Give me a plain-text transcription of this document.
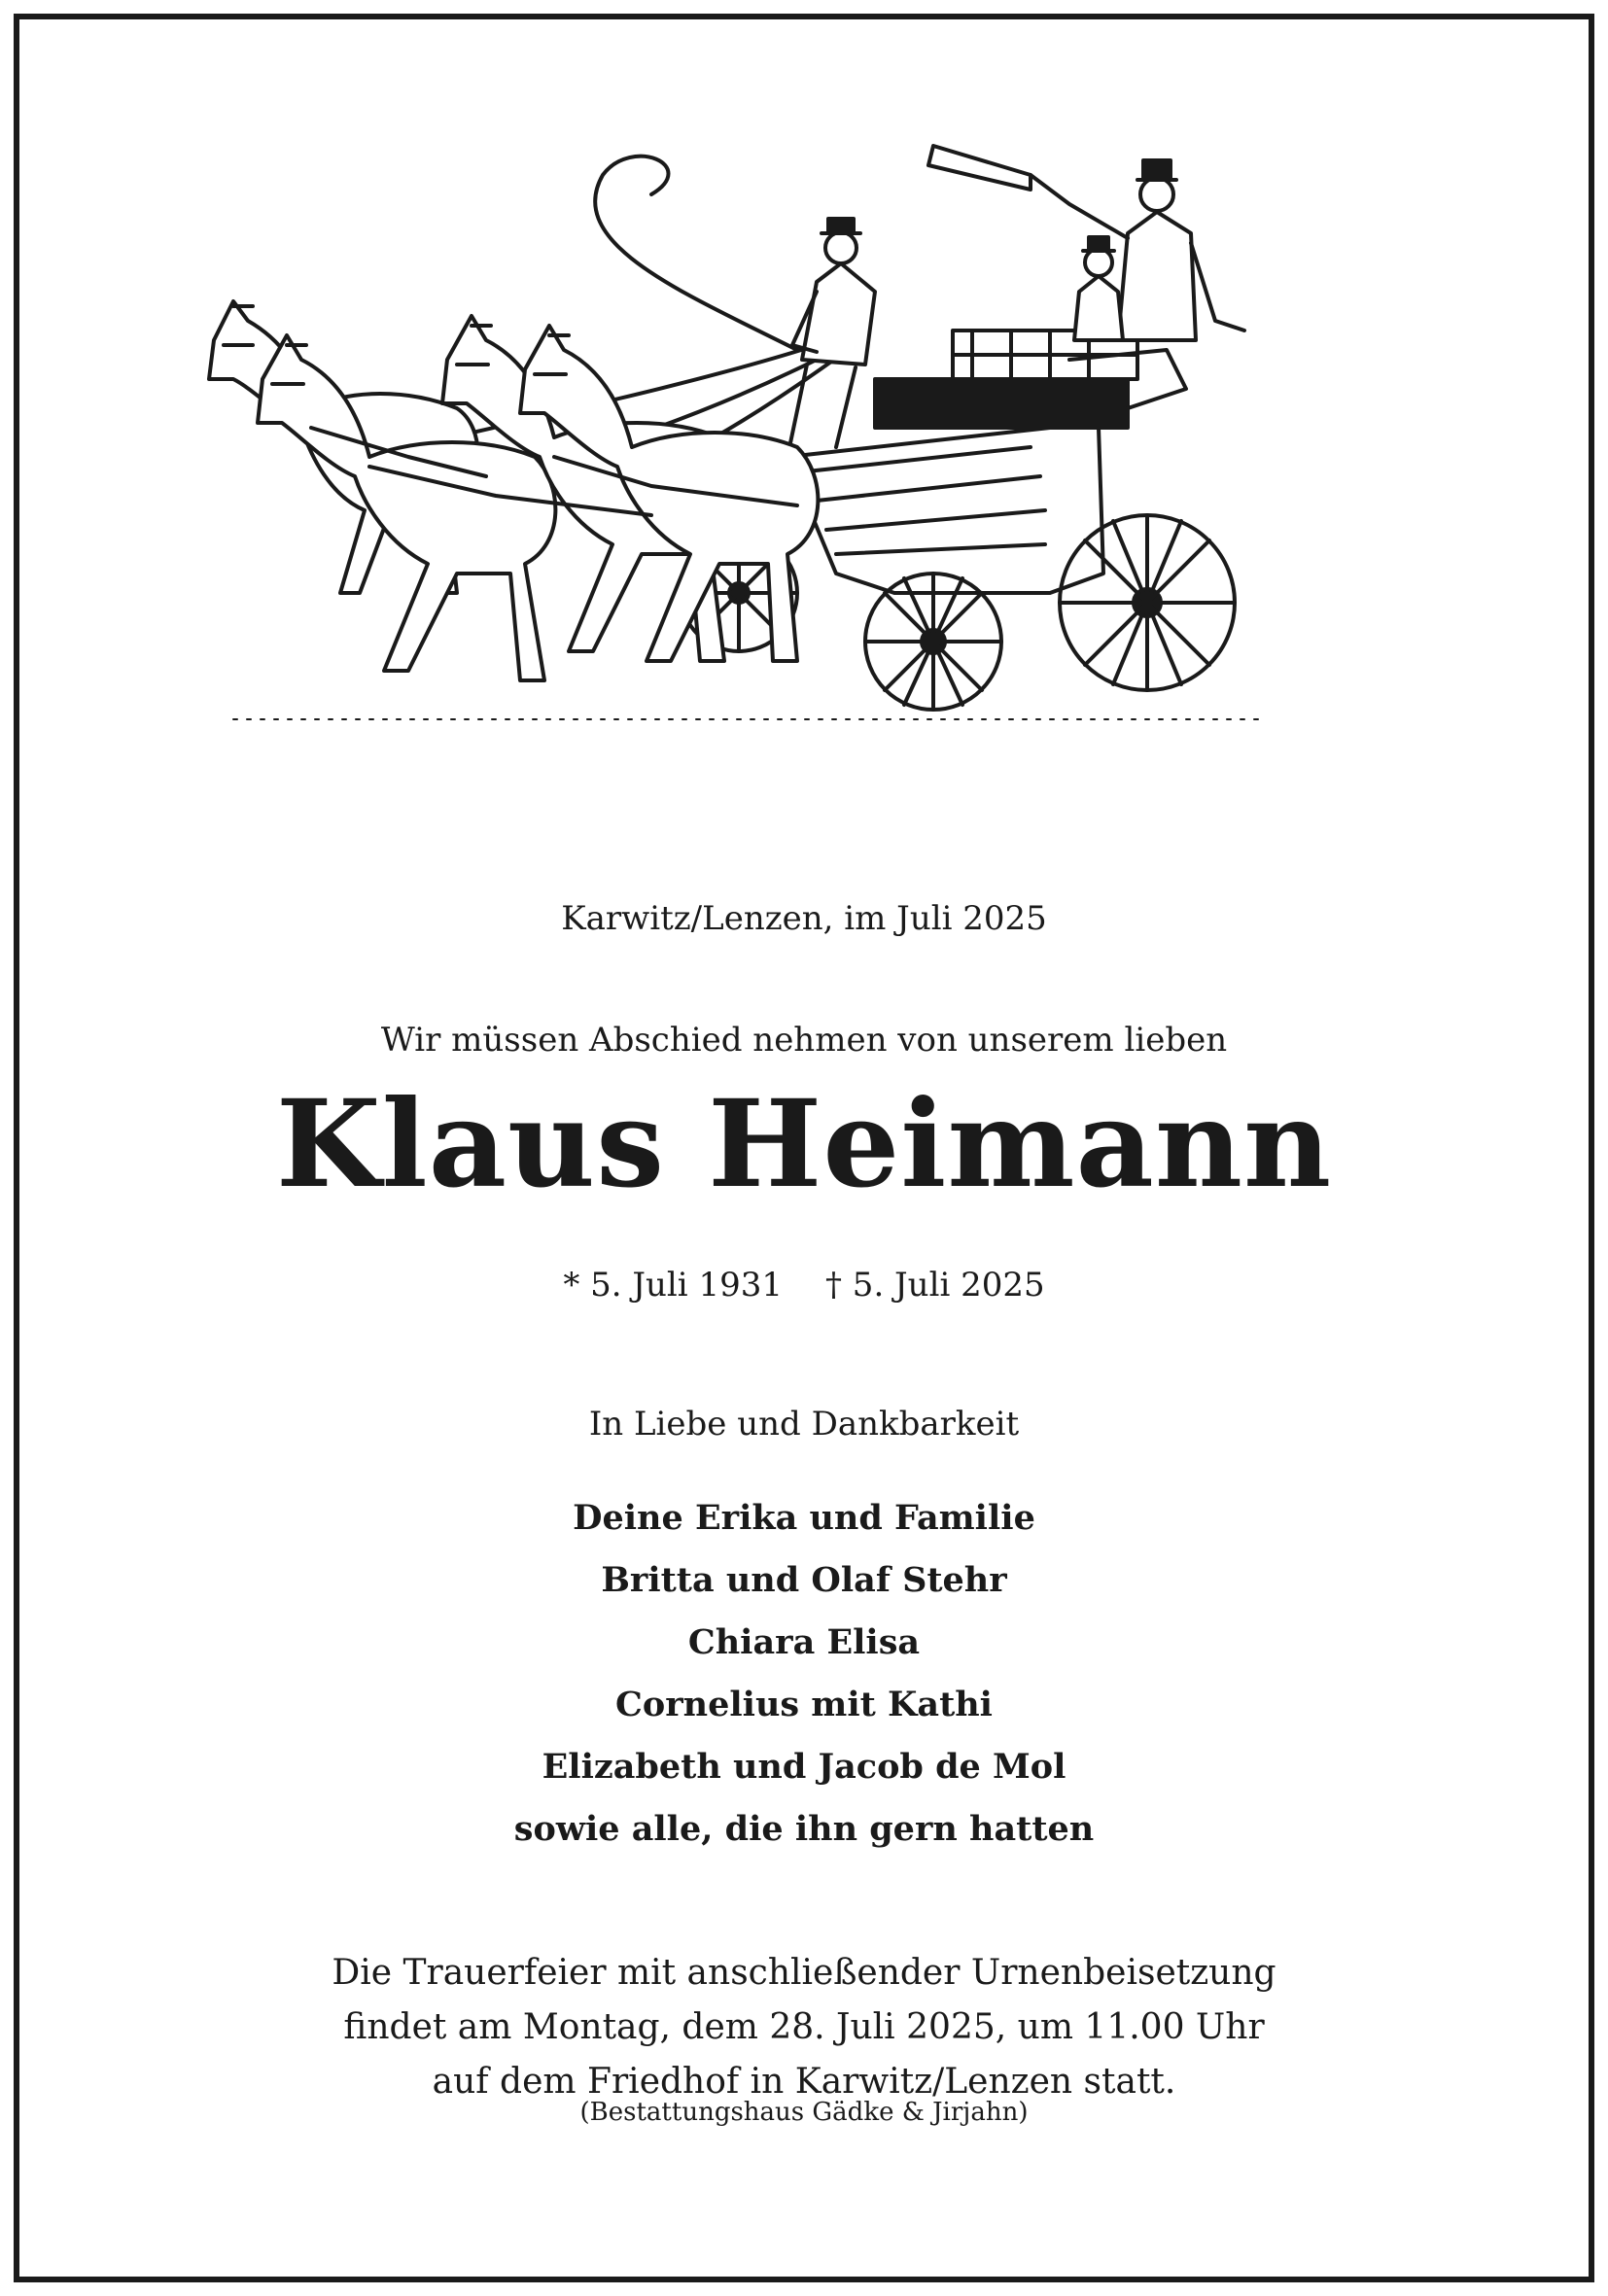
Karwitz/Lenzen, im Juli 2025
Wir müssen Abschied nehmen von unserem lieben
Klaus Heimann
* 5. Juli 1931 † 5. Juli 2025
In Liebe und Dankbarkeit
Deine Erika und Familie
Britta und Olaf Stehr
Chiara Elisa
Cornelius mit Kathi
Elizabeth und Jacob de Mol
sowie alle, die ihn gern hatten
Die Trauerfeier mit anschließender Urnenbeisetzung
findet am Montag, dem 28. Juli 2025, um 11.00 Uhr
auf dem Friedhof in Karwitz/Lenzen statt.
(Bestattungshaus Gädke & Jirjahn)
